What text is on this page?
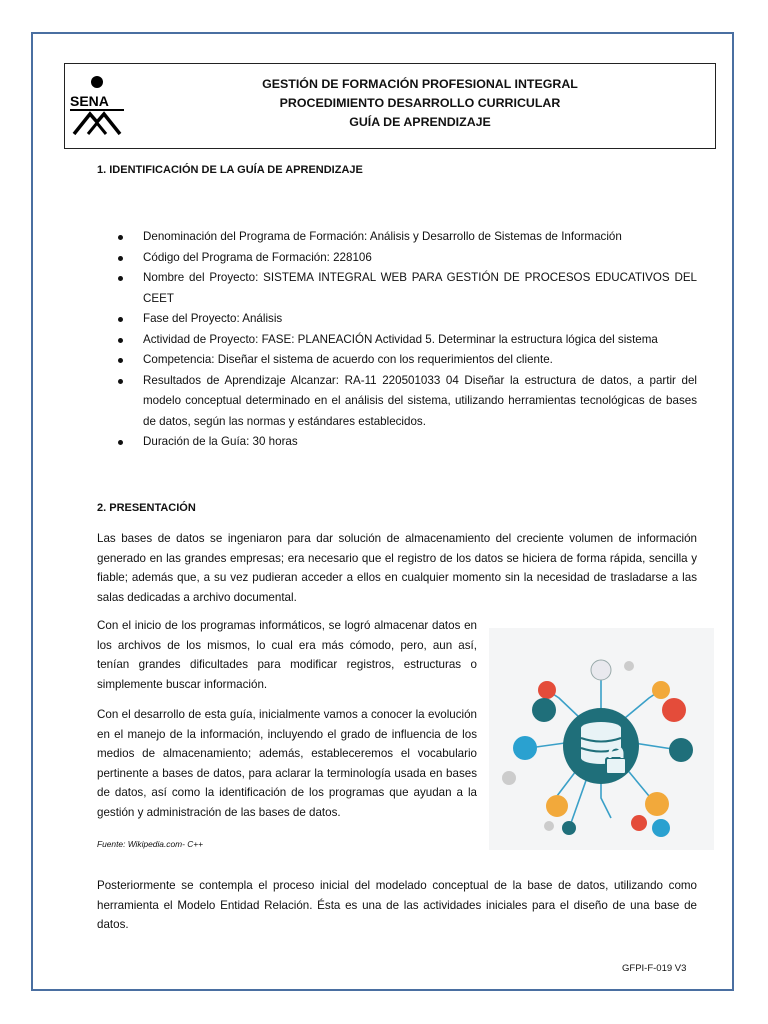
SENA
GESTIÓN DE FORMACIÓN PROFESIONAL INTEGRAL
PROCEDIMIENTO DESARROLLO CURRICULAR
GUÍA DE APRENDIZAJE
1. IDENTIFICACIÓN DE LA GUÍA DE APRENDIZAJE
Denominación del Programa de Formación: Análisis y Desarrollo de Sistemas de Información
Código del Programa de Formación: 228106
Nombre del Proyecto: SISTEMA INTEGRAL WEB PARA GESTIÓN DE PROCESOS EDUCATIVOS DEL CEET
Fase del Proyecto: Análisis
Actividad de Proyecto: FASE: PLANEACIÓN Actividad 5. Determinar la estructura lógica del sistema
Competencia: Diseñar el sistema de acuerdo con los requerimientos del cliente.
Resultados de Aprendizaje Alcanzar: RA-11 220501033 04 Diseñar la estructura de datos, a partir del modelo conceptual determinado en el análisis del sistema, utilizando herramientas tecnológicas de bases de datos, según las normas y estándares establecidos.
Duración de la Guía: 30 horas
2. PRESENTACIÓN

Las bases de datos se ingeniaron para dar solución de almacenamiento del creciente volumen de información generado en las grandes empresas; era necesario que el registro de los datos se hiciera de forma rápida, sencilla y fiable; además que, a su vez pudieran acceder a ellos en cualquier momento sin la necesidad de trasladarse a las salas dedicadas a archivo documental.

Con el inicio de los programas informáticos, se logró almacenar datos en los archivos de los mismos, lo cual era más cómodo, pero, aun así, tenían grandes dificultades para modificar registros, estructuras o simplemente buscar información.

Con el desarrollo de esta guía, inicialmente vamos a conocer la evolución en el manejo de la información, incluyendo el grado de influencia de los medios de almacenamiento; además, estableceremos el vocabulario pertinente a bases de datos, para aclarar la terminología usada en bases de datos, así como la identificación de los programas que ayudan a la gestión y administración de las bases de datos.

Fuente: Wikipedia.com- C++

Posteriormente se contempla el proceso inicial del modelado conceptual de la base de datos, utilizando como herramienta el Modelo Entidad Relación. Ésta es una de las actividades iniciales para el diseño de una base de datos.

GFPI-F-019 V3
